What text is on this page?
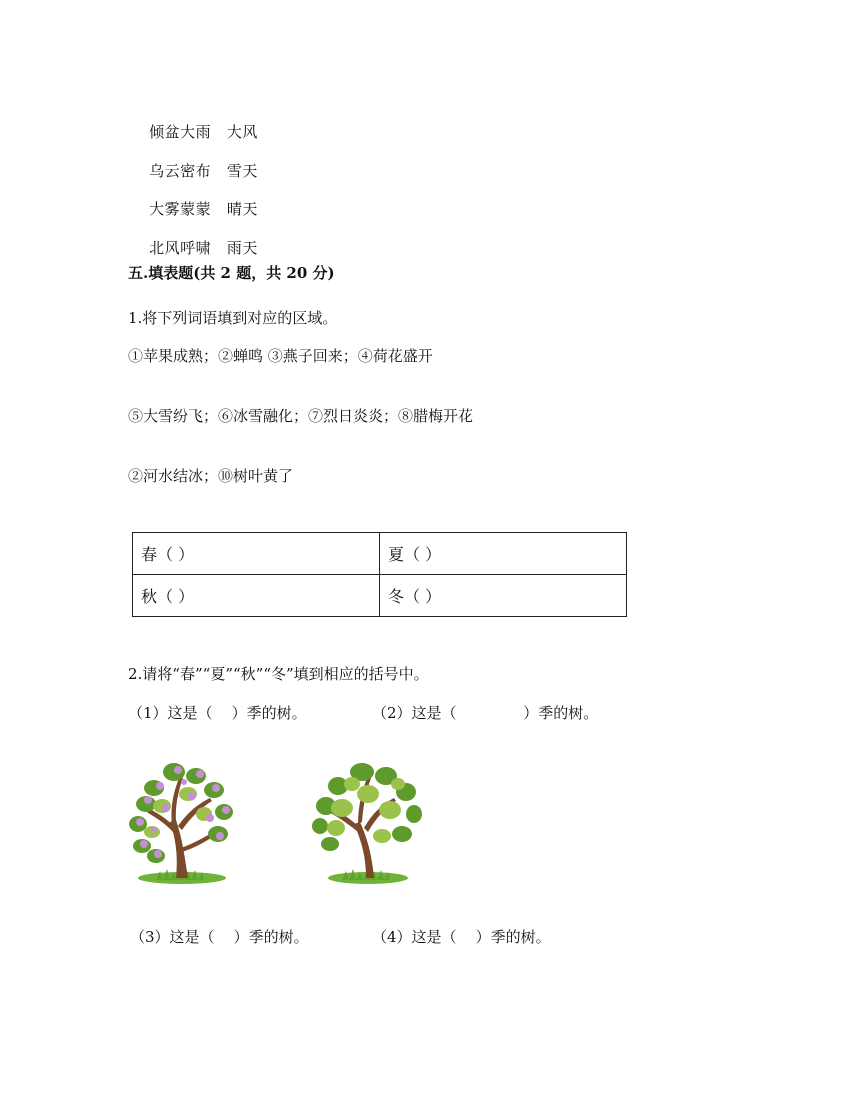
倾盆大雨 大风

乌云密布 雪天

大雾蒙蒙 晴天

北风呼啸 雨天

五.填表题(共 2 题，共 20 分)
1.将下列词语填到对应的区域。
①苹果成熟；②蝉鸣 ③燕子回来；④荷花盛开
⑤大雪纷飞；⑥冰雪融化；⑦烈日炎炎；⑧腊梅开花
②河水结冰；⑩树叶黄了
春（ ）	夏（ ）
秋（ ）	冬（ ）
2.请将“春”“夏”“秋”“冬”填到相应的括号中。
（1）这是（    ）季的树。	（2）这是（              ）季的树。
（3）这是（    ）季的树。	（4）这是（    ）季的树。
